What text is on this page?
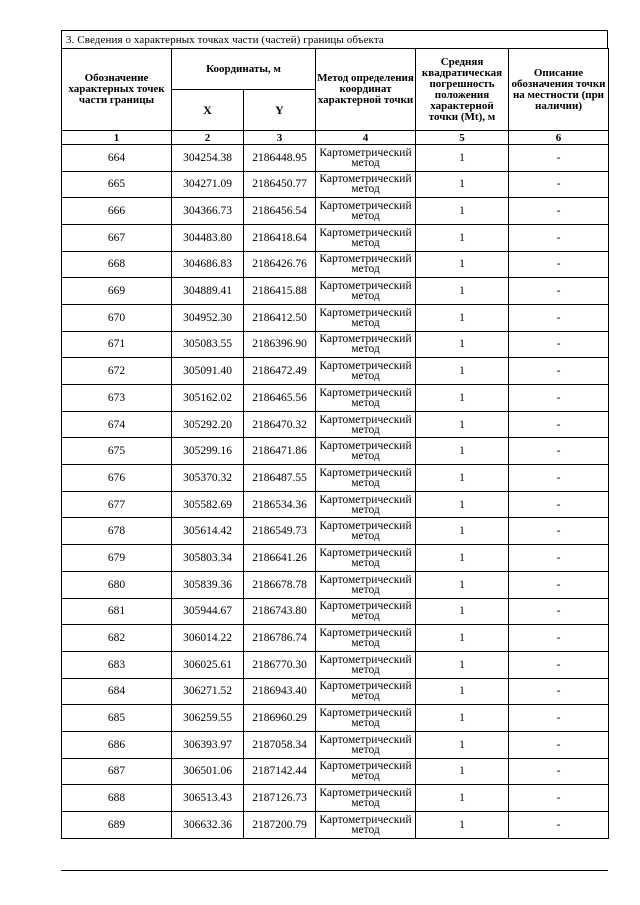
3. Сведения о характерных точках части (частей) границы объекта
Обозначение характерных точек части границы	Координаты, м		Метод определения координат характерной точки	Средняя квадратическая погрешность положения характерной точки (Mt), м	Описание обозначения точки на местности (при наличии)
	X	Y			
1	2	3	4	5	6
664	304254.38	2186448.95	Картометрический метод	1	-
665	304271.09	2186450.77	Картометрический метод	1	-
666	304366.73	2186456.54	Картометрический метод	1	-
667	304483.80	2186418.64	Картометрический метод	1	-
668	304686.83	2186426.76	Картометрический метод	1	-
669	304889.41	2186415.88	Картометрический метод	1	-
670	304952.30	2186412.50	Картометрический метод	1	-
671	305083.55	2186396.90	Картометрический метод	1	-
672	305091.40	2186472.49	Картометрический метод	1	-
673	305162.02	2186465.56	Картометрический метод	1	-
674	305292.20	2186470.32	Картометрический метод	1	-
675	305299.16	2186471.86	Картометрический метод	1	-
676	305370.32	2186487.55	Картометрический метод	1	-
677	305582.69	2186534.36	Картометрический метод	1	-
678	305614.42	2186549.73	Картометрический метод	1	-
679	305803.34	2186641.26	Картометрический метод	1	-
680	305839.36	2186678.78	Картометрический метод	1	-
681	305944.67	2186743.80	Картометрический метод	1	-
682	306014.22	2186786.74	Картометрический метод	1	-
683	306025.61	2186770.30	Картометрический метод	1	-
684	306271.52	2186943.40	Картометрический метод	1	-
685	306259.55	2186960.29	Картометрический метод	1	-
686	306393.97	2187058.34	Картометрический метод	1	-
687	306501.06	2187142.44	Картометрический метод	1	-
688	306513.43	2187126.73	Картометрический метод	1	-
689	306632.36	2187200.79	Картометрический метод	1	-
